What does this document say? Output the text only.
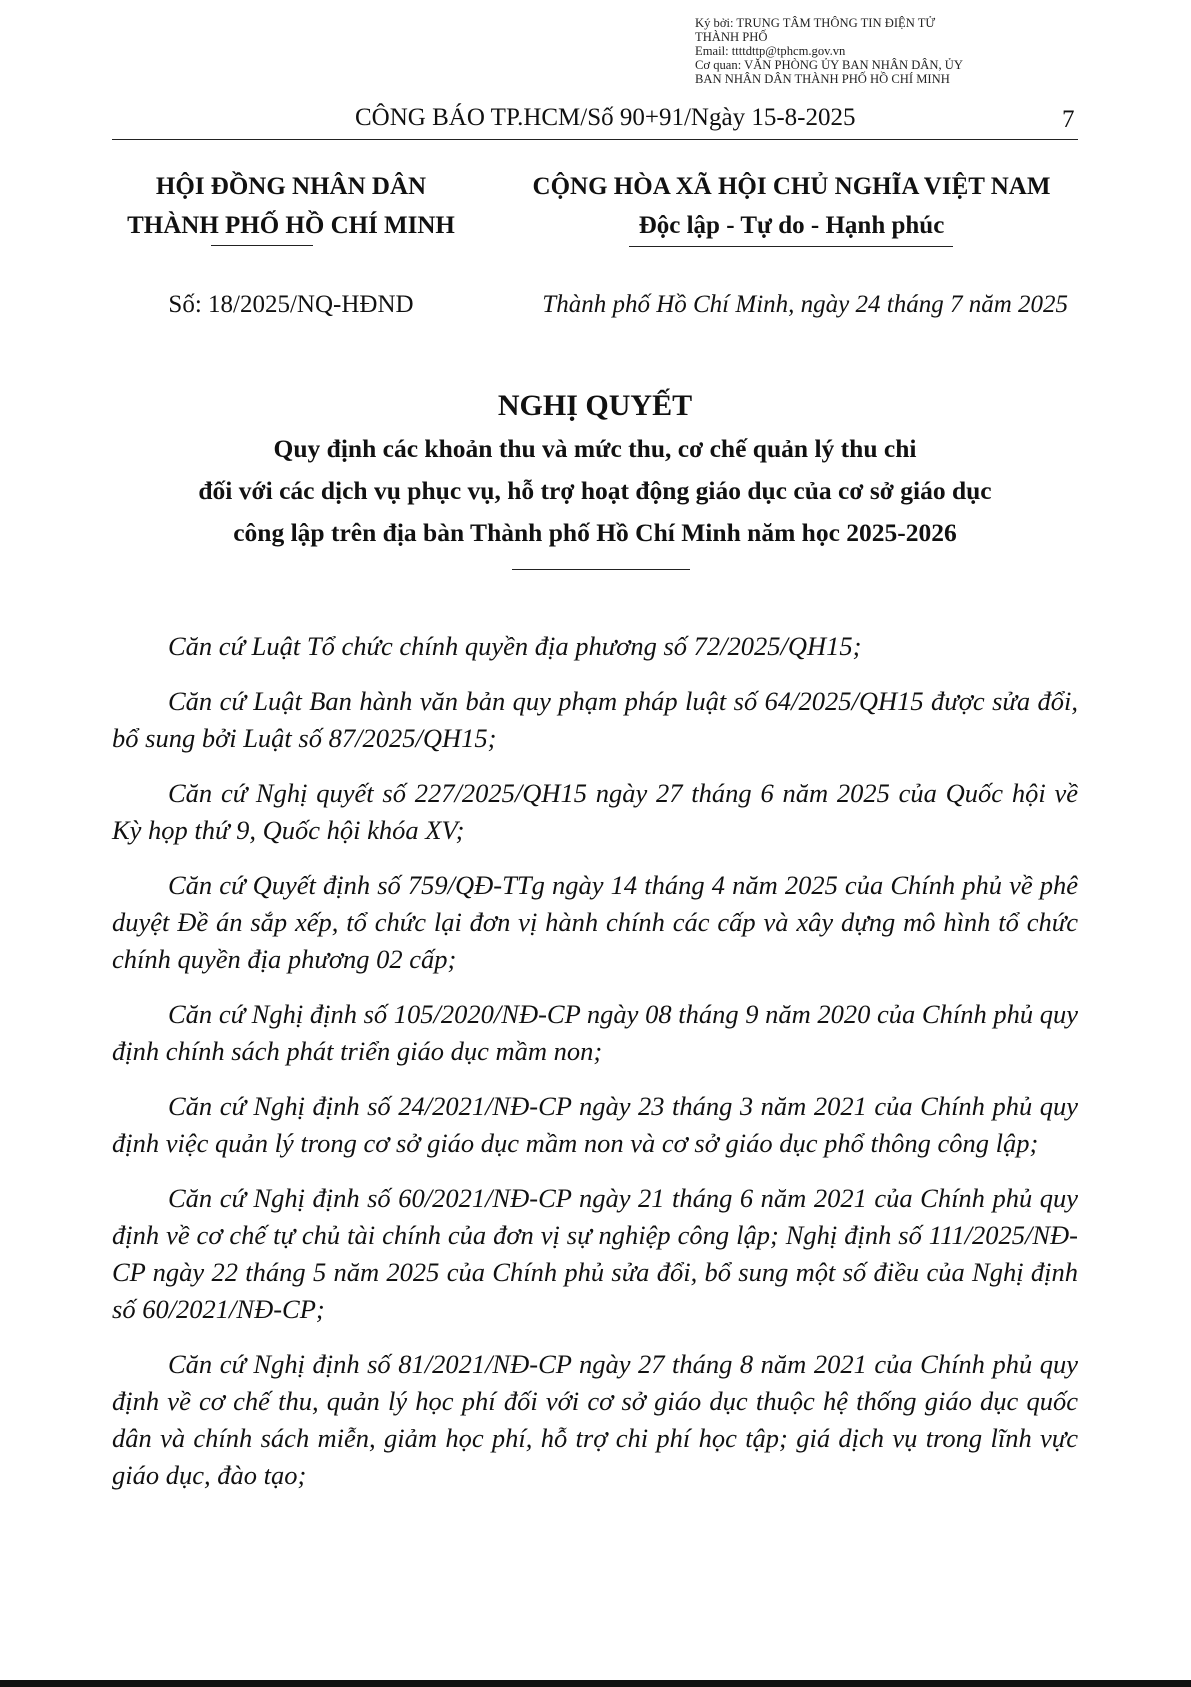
Ký bởi: TRUNG TÂM THÔNG TIN ĐIỆN TỬ
THÀNH PHỐ
Email: ttttdttp@tphcm.gov.vn
Cơ quan: VĂN PHÒNG ỦY BAN NHÂN DÂN, ỦY
BAN NHÂN DÂN THÀNH PHỐ HỒ CHÍ MINH
CÔNG BÁO TP.HCM/Số 90+91/Ngày 15-8-2025	7
HỘI ĐỒNG NHÂN DÂN
THÀNH PHỐ HỒ CHÍ MINH
CỘNG HÒA XÃ HỘI CHỦ NGHĨA VIỆT NAM
Độc lập - Tự do - Hạnh phúc
Số: 18/2025/NQ-HĐND	Thành phố Hồ Chí Minh, ngày 24 tháng 7 năm 2025
NGHỊ QUYẾT
Quy định các khoản thu và mức thu, cơ chế quản lý thu chi
đối với các dịch vụ phục vụ, hỗ trợ hoạt động giáo dục của cơ sở giáo dục
công lập trên địa bàn Thành phố Hồ Chí Minh năm học 2025-2026

Căn cứ Luật Tổ chức chính quyền địa phương số 72/2025/QH15;

Căn cứ Luật Ban hành văn bản quy phạm pháp luật số 64/2025/QH15 được sửa đổi, bổ sung bởi Luật số 87/2025/QH15;

Căn cứ Nghị quyết số 227/2025/QH15 ngày 27 tháng 6 năm 2025 của Quốc hội về Kỳ họp thứ 9, Quốc hội khóa XV;

Căn cứ Quyết định số 759/QĐ-TTg ngày 14 tháng 4 năm 2025 của Chính phủ về phê duyệt Đề án sắp xếp, tổ chức lại đơn vị hành chính các cấp và xây dựng mô hình tổ chức chính quyền địa phương 02 cấp;

Căn cứ Nghị định số 105/2020/NĐ-CP ngày 08 tháng 9 năm 2020 của Chính phủ quy định chính sách phát triển giáo dục mầm non;

Căn cứ Nghị định số 24/2021/NĐ-CP ngày 23 tháng 3 năm 2021 của Chính phủ quy định việc quản lý trong cơ sở giáo dục mầm non và cơ sở giáo dục phổ thông công lập;

Căn cứ Nghị định số 60/2021/NĐ-CP ngày 21 tháng 6 năm 2021 của Chính phủ quy định về cơ chế tự chủ tài chính của đơn vị sự nghiệp công lập; Nghị định số 111/2025/NĐ-CP ngày 22 tháng 5 năm 2025 của Chính phủ sửa đổi, bổ sung một số điều của Nghị định số 60/2021/NĐ-CP;

Căn cứ Nghị định số 81/2021/NĐ-CP ngày 27 tháng 8 năm 2021 của Chính phủ quy định về cơ chế thu, quản lý học phí đối với cơ sở giáo dục thuộc hệ thống giáo dục quốc dân và chính sách miễn, giảm học phí, hỗ trợ chi phí học tập; giá dịch vụ trong lĩnh vực giáo dục, đào tạo;
